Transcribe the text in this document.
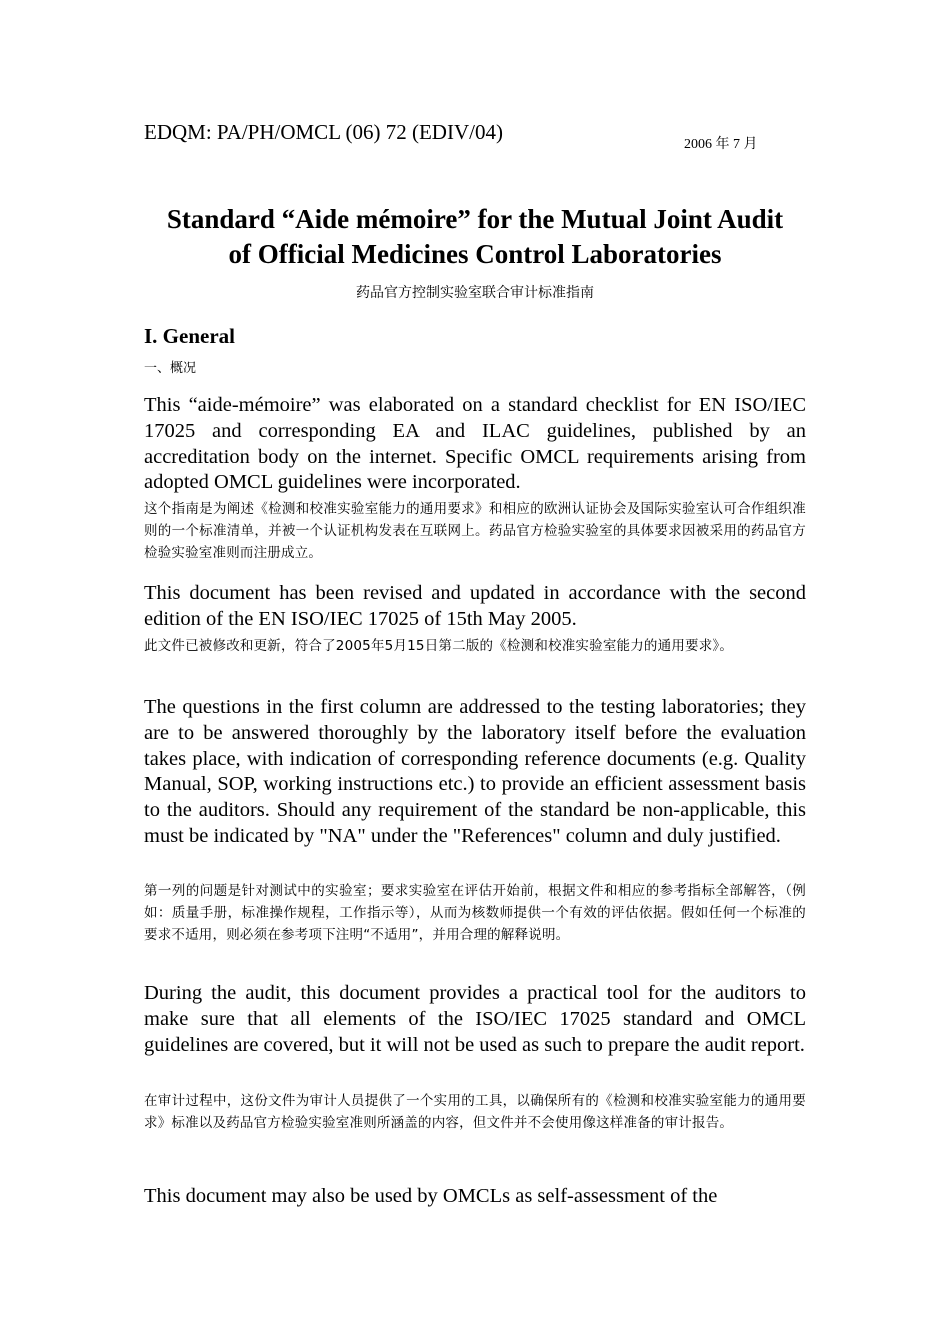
EDQM: PA/PH/OMCL (06) 72 (EDIV/04)
2006 年 7 月
Standard “Aide mémoire” for the Mutual Joint Audit
of Official Medicines Control Laboratories
药品官方控制实验室联合审计标准指南
I. General
一、概况

This “aide-mémoire” was elaborated on a standard checklist for EN ISO/IEC 17025 and corresponding EA and ILAC guidelines, published by an accreditation body on the internet. Specific OMCL requirements arising from adopted OMCL guidelines were incorporated.

这个指南是为阐述《检测和校准实验室能力的通用要求》和相应的欧洲认证协会及国际实验室认可合作组织准则的一个标准清单，并被一个认证机构发表在互联网上。药品官方检验实验室的具体要求因被采用的药品官方检验实验室准则而注册成立。

This document has been revised and updated in accordance with the second edition of the EN ISO/IEC 17025 of 15th May 2005.

此文件已被修改和更新，符合了2005年5月15日第二版的《检测和校准实验室能力的通用要求》。

The questions in the first column are addressed to the testing laboratories; they are to be answered thoroughly by the laboratory itself before the evaluation takes place, with indication of corresponding reference documents (e.g. Quality Manual, SOP, working instructions etc.) to provide an efficient assessment basis to the auditors. Should any requirement of the standard be non-applicable, this must be indicated by "NA" under the "References" column and duly justified.

第一列的问题是针对测试中的实验室；要求实验室在评估开始前，根据文件和相应的参考指标全部解答，（例如：质量手册，标准操作规程，工作指示等），从而为核数师提供一个有效的评估依据。假如任何一个标准的要求不适用，则必须在参考项下注明“不适用”，并用合理的解释说明。

During the audit, this document provides a practical tool for the auditors to make sure that all elements of the ISO/IEC 17025 standard and OMCL guidelines are covered, but it will not be used as such to prepare the audit report.

在审计过程中，这份文件为审计人员提供了一个实用的工具，以确保所有的《检测和校准实验室能力的通用要求》标准以及药品官方检验实验室准则所涵盖的内容，但文件并不会使用像这样准备的审计报告。

This document may also be used by OMCLs as self-assessment of the
